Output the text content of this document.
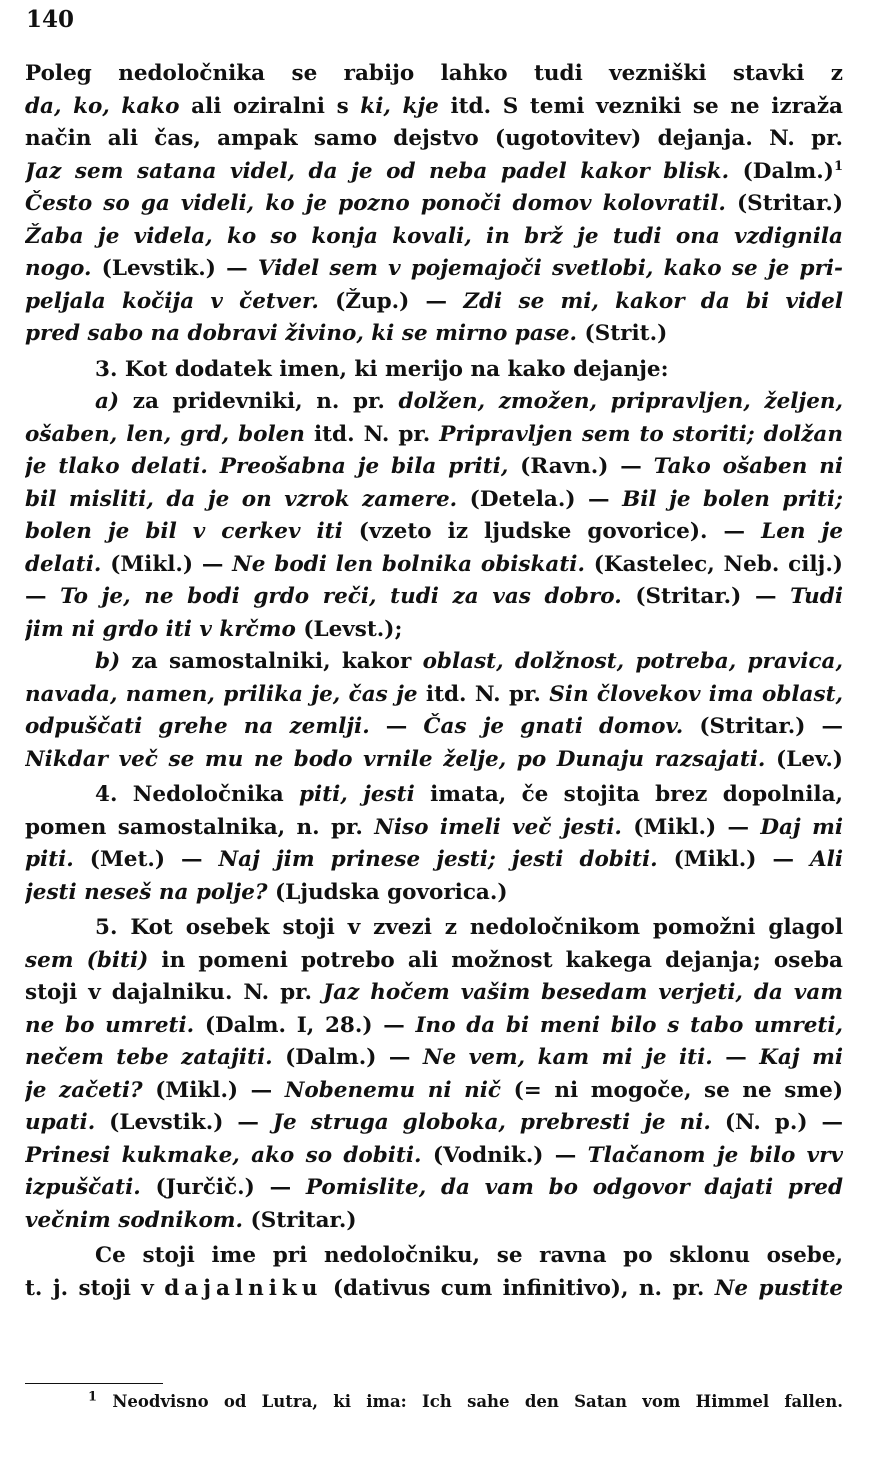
140
Poleg nedoločnika se rabijo lahko tudi vezniški stavki z
da, ko, kako ali oziralni s ki, kje itd. S temi vezniki se ne izraža
način ali čas, ampak samo dejstvo (ugotovitev) dejanja. N. pr.
Jaz sem satana videl, da je od neba padel kakor blisk. (Dalm.)$^1$
Često so ga videli, ko je pozno ponoči domov kolovratil. (Stritar.)
Žaba je videla, ko so konja kovali, in brž je tudi ona vzdignila
nogo. (Levstik.) — Videl sem v pojemajoči svetlobi, kako se je pri-
peljala kočija v četver. (Žup.) — Zdi se mi, kakor da bi videl
pred sabo na dobravi živino, ki se mirno pase. (Strit.)
3. Kot dodatek imen, ki merijo na kako dejanje:
a) za pridevniki, n. pr. dolžen, zmožen, pripravljen, željen,
ošaben, len, grd, bolen itd. N. pr. Pripravljen sem to storiti; dolžan
je tlako delati. Preošabna je bila priti, (Ravn.) — Tako ošaben ni
bil misliti, da je on vzrok zamere. (Detela.) — Bil je bolen priti;
bolen je bil v cerkev iti (vzeto iz ljudske govorice). — Len je
delati. (Mikl.) — Ne bodi len bolnika obiskati. (Kastelec, Neb. cilj.)
— To je, ne bodi grdo reči, tudi za vas dobro. (Stritar.) — Tudi
jim ni grdo iti v krčmo (Levst.);
b) za samostalniki, kakor oblast, dolžnost, potreba, pravica,
navada, namen, prilika je, čas je itd. N. pr. Sin človekov ima oblast,
odpuščati grehe na zemlji. — Čas je gnati domov. (Stritar.) —
Nikdar več se mu ne bodo vrnile želje, po Dunaju razsajati. (Lev.)
4. Nedoločnika piti, jesti imata, če stojita brez dopolnila,
pomen samostalnika, n. pr. Niso imeli več jesti. (Mikl.) — Daj mi
piti. (Met.) — Naj jim prinese jesti; jesti dobiti. (Mikl.) — Ali
jesti neseš na polje? (Ljudska govorica.)
5. Kot osebek stoji v zvezi z nedoločnikom pomožni glagol
sem (biti) in pomeni potrebo ali možnost kakega dejanja; oseba
stoji v dajalniku. N. pr. Jaz hočem vašim besedam verjeti, da vam
ne bo umreti. (Dalm. I, 28.) — Ino da bi meni bilo s tabo umreti,
nečem tebe zatajiti. (Dalm.) — Ne vem, kam mi je iti. — Kaj mi
je začeti? (Mikl.) — Nobenemu ni nič (= ni mogoče, se ne sme)
upati. (Levstik.) — Je struga globoka, prebresti je ni. (N. p.) —
Prinesi kukmake, ako so dobiti. (Vodnik.) — Tlačanom je bilo vrv
izpuščati. (Jurčič.) — Pomislite, da vam bo odgovor dajati pred
večnim sodnikom. (Stritar.)
Ce stoji ime pri nedoločniku, se ravna po sklonu osebe,
t. j. stoji v dajalniku (dativus cum infinitivo), n. pr. Ne pustite
$^1$ Neodvisno od Lutra, ki ima: Ich sahe den Satan vom Himmel fallen.
